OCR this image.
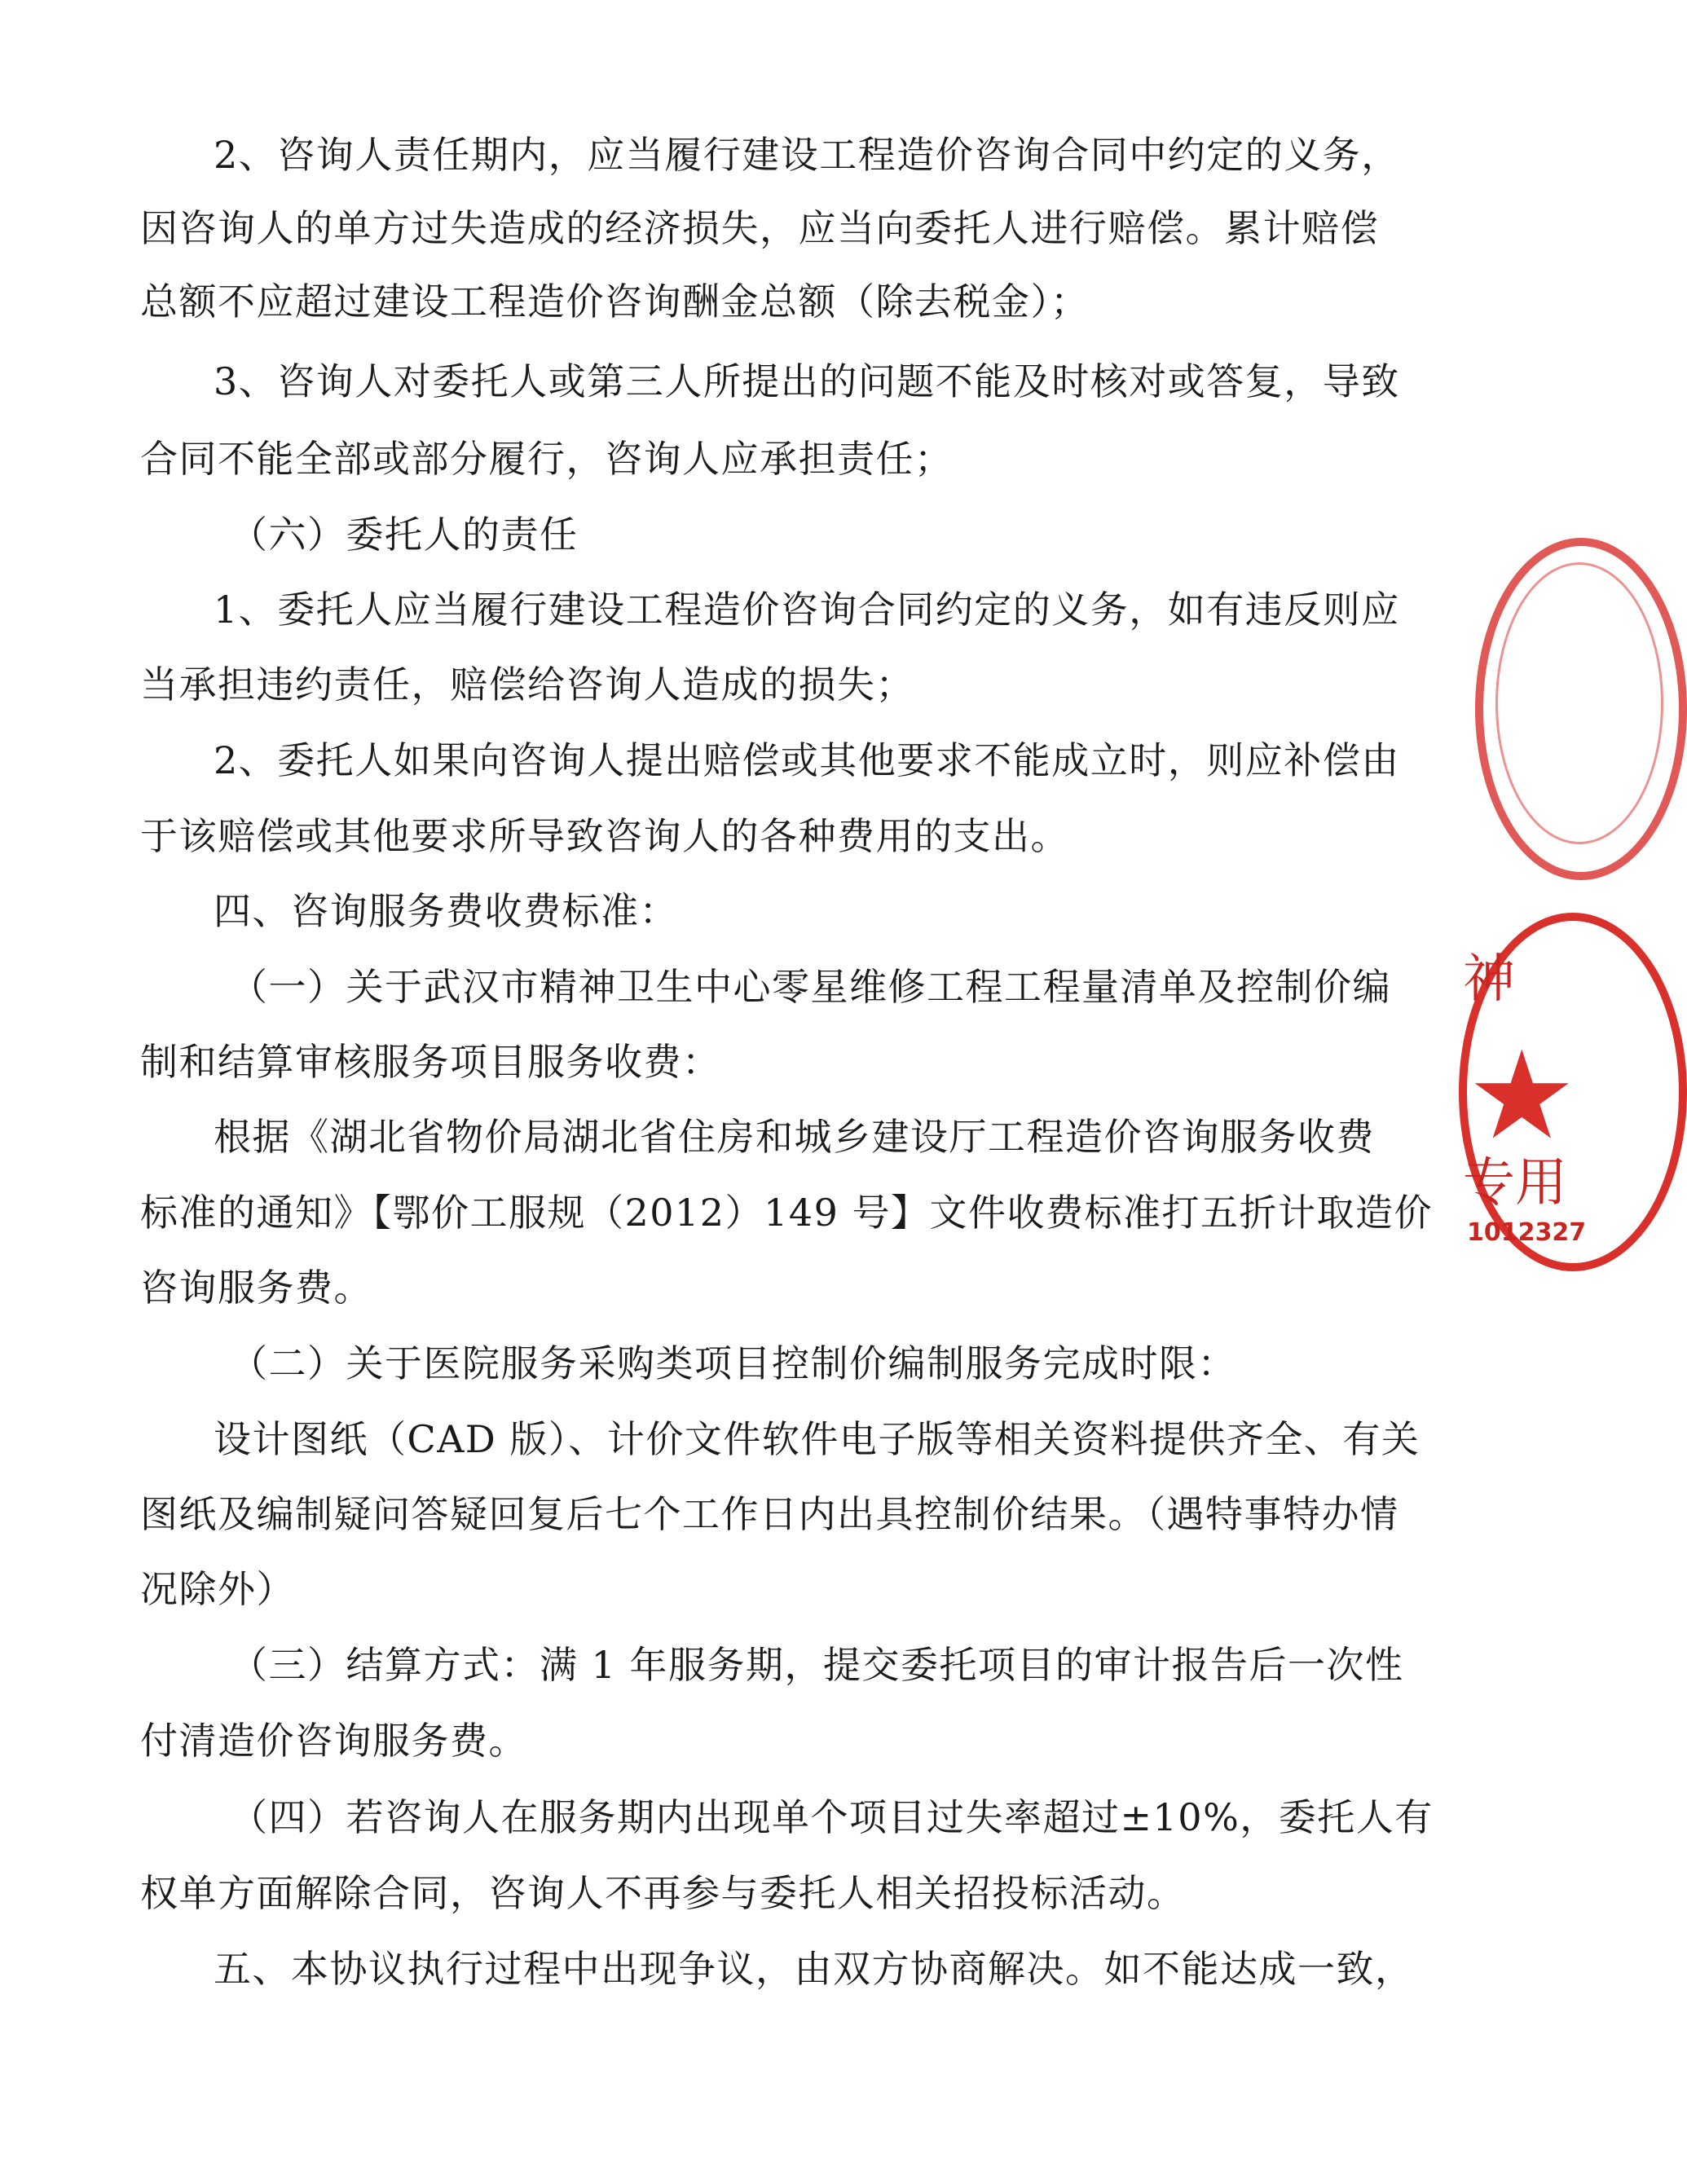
2、咨询人责任期内，应当履行建设工程造价咨询合同中约定的义务，
因咨询人的单方过失造成的经济损失，应当向委托人进行赔偿。累计赔偿
总额不应超过建设工程造价咨询酬金总额（除去税金）；
3、咨询人对委托人或第三人所提出的问题不能及时核对或答复，导致
合同不能全部或部分履行，咨询人应承担责任；
（六）委托人的责任
1、委托人应当履行建设工程造价咨询合同约定的义务，如有违反则应
当承担违约责任，赔偿给咨询人造成的损失；
2、委托人如果向咨询人提出赔偿或其他要求不能成立时，则应补偿由
于该赔偿或其他要求所导致咨询人的各种费用的支出。
四、咨询服务费收费标准：
（一）关于武汉市精神卫生中心零星维修工程工程量清单及控制价编
制和结算审核服务项目服务收费：
根据《湖北省物价局湖北省住房和城乡建设厅工程造价咨询服务收费
标准的通知》【鄂价工服规（2012）149 号】文件收费标准打五折计取造价
咨询服务费。
（二）关于医院服务采购类项目控制价编制服务完成时限：
设计图纸（CAD 版）、计价文件软件电子版等相关资料提供齐全、有关
图纸及编制疑问答疑回复后七个工作日内出具控制价结果。（遇特事特办情
况除外）
（三）结算方式：满 1 年服务期，提交委托项目的审计报告后一次性
付清造价咨询服务费。
（四）若咨询人在服务期内出现单个项目过失率超过±10%，委托人有
权单方面解除合同，咨询人不再参与委托人相关招投标活动。
五、本协议执行过程中出现争议，由双方协商解决。如不能达成一致，
神
★
专用
1012327
